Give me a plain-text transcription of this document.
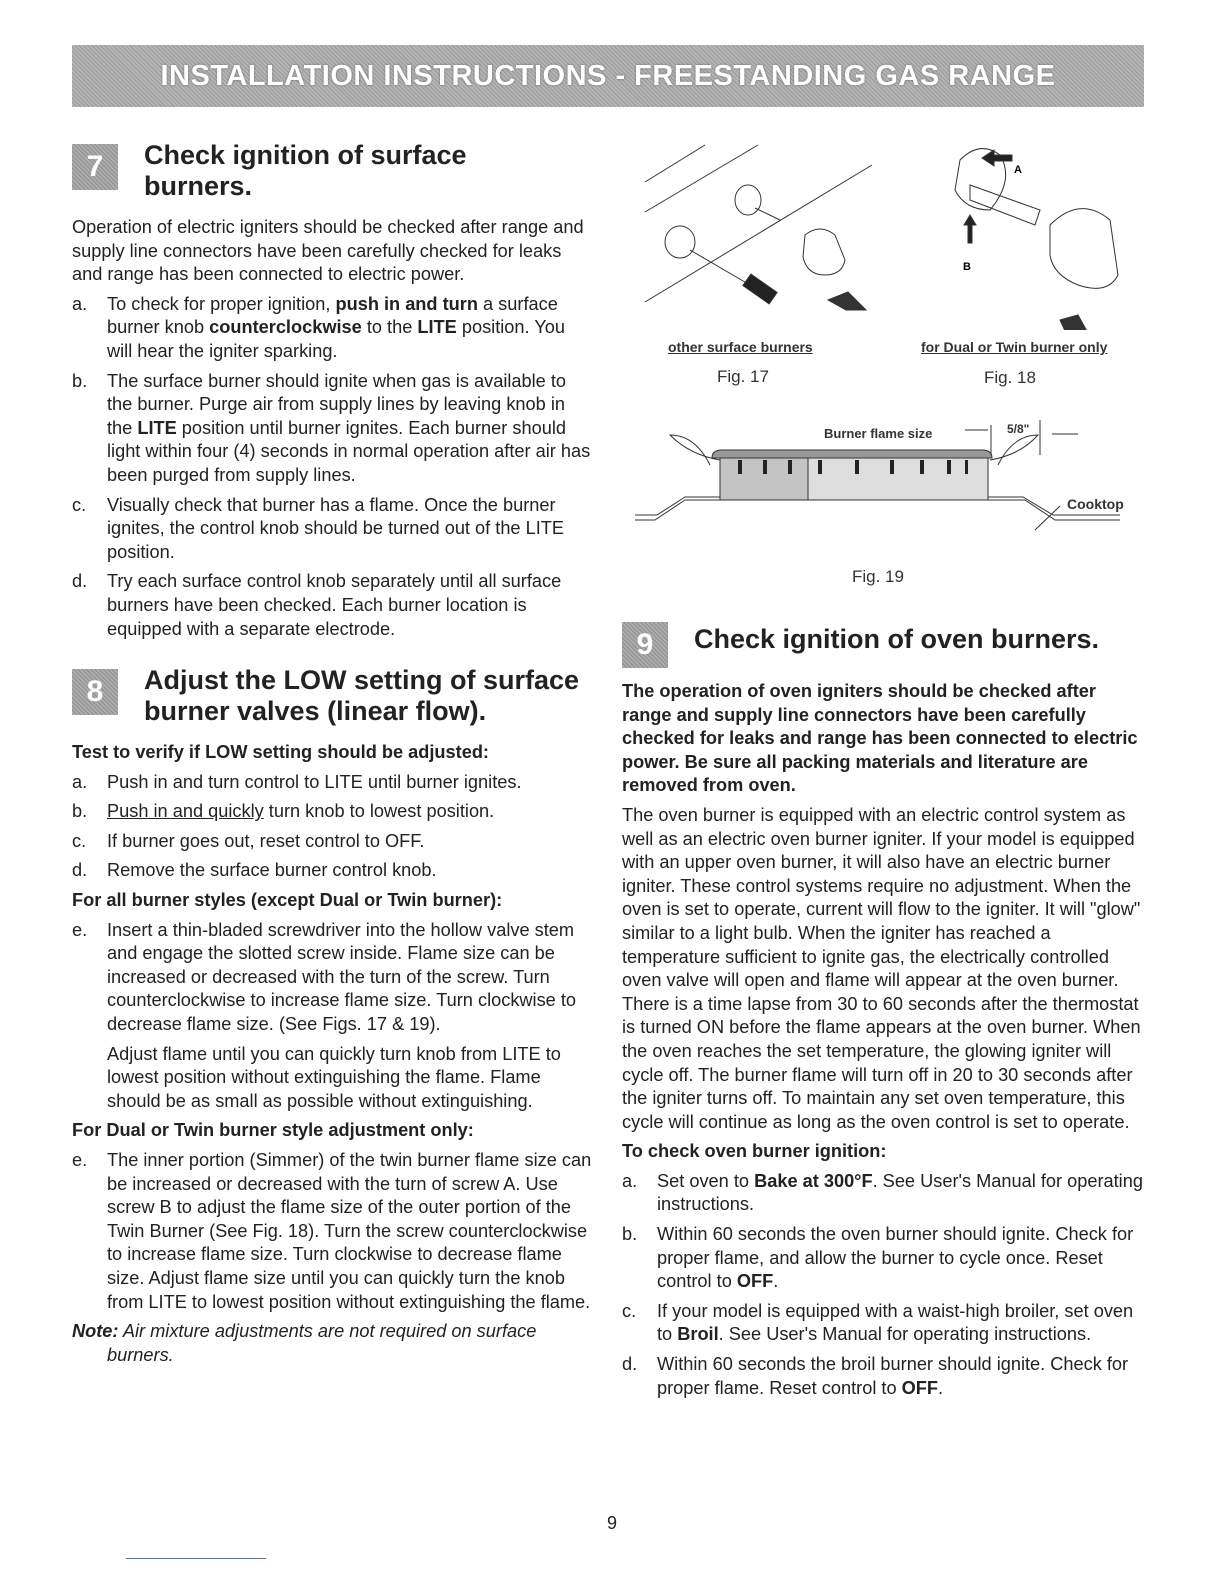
INSTALLATION INSTRUCTIONS - FREESTANDING GAS RANGE
7	Check ignition of surface
burners.

Operation of electric igniters should be checked after range and supply line connectors have been carefully checked for leaks and range has been connected to electric power.

a.	To check for proper ignition, push in and turn a surface burner knob counterclockwise to the LITE position. You will hear the igniter sparking.
b.	The surface burner should ignite when gas is available to the burner. Purge air from supply lines by leaving knob in the LITE position until burner ignites. Each burner should light within four (4) seconds in normal operation after air has been purged from supply lines.
c.	Visually check that burner has a flame. Once the burner ignites, the control knob should be turned out of the LITE position.
d.	Try each surface control knob separately until all surface burners have been checked. Each burner location is equipped with a separate electrode.
8	Adjust the LOW setting of surface
burner valves (linear flow).
Test to verify if LOW setting should be adjusted:
a.	Push in and turn control to LITE until burner ignites.
b.	Push in and quickly turn knob to lowest position.
c.	If burner goes out, reset control to OFF.
d.	Remove the surface burner control knob.
For all burner styles (except Dual or Twin burner):
e.	Insert a thin-bladed screwdriver into the hollow valve stem and engage the slotted screw inside. Flame size can be increased or decreased with the turn of the screw. Turn counterclockwise to increase flame size. Turn clockwise to decrease flame size. (See Figs. 17 & 19).

Adjust flame until you can quickly turn knob from LITE to lowest position without extinguishing the flame. Flame should be as small as possible without extinguishing.

For Dual or Twin burner style adjustment only:
e.	The inner portion (Simmer) of the twin burner flame size can be increased or decreased with the turn of screw A. Use screw B to adjust the flame size of the outer portion of the Twin Burner (See Fig. 18). Turn the screw counterclockwise to increase flame size. Turn clockwise to decrease flame size. Adjust flame size until you can quickly turn the knob from LITE to lowest position without extinguishing the flame.

Note: Air mixture adjustments are not required on surface burners.

A
B
other surface burners
Fig. 17
for Dual or Twin burner only
Fig. 18
Burner flame size	5/8"
Cooktop
Fig. 19
9	Check ignition of oven burners.

The operation of oven igniters should be checked after range and supply line connectors have been carefully checked for leaks and range has been connected to electric power. Be sure all packing materials and literature are removed from oven.

The oven burner is equipped with an electric control system as well as an electric oven burner igniter. If your model is equipped with an upper oven burner, it will also have an electric burner igniter. These control systems require no adjustment. When the oven is set to operate, current will flow to the igniter. It will "glow" similar to a light bulb. When the igniter has reached a temperature sufficient to ignite gas, the electrically controlled oven valve will open and flame will appear at the oven burner. There is a time lapse from 30 to 60 seconds after the thermostat is turned ON before the flame appears at the oven burner. When the oven reaches the set temperature, the glowing igniter will cycle off. The burner flame will turn off in 20 to 30 seconds after the igniter turns off. To maintain any set oven temperature, this cycle will continue as long as the oven control is set to operate.

To check oven burner ignition:
a.	Set oven to Bake at 300°F. See User's Manual for operating instructions.
b.	Within 60 seconds the oven burner should ignite. Check for proper flame, and allow the burner to cycle once. Reset control to OFF.
c.	If your model is equipped with a waist-high broiler, set oven to Broil. See User's Manual for operating instructions.
d.	Within 60 seconds the broil burner should ignite. Check for proper flame. Reset control to OFF.
9
